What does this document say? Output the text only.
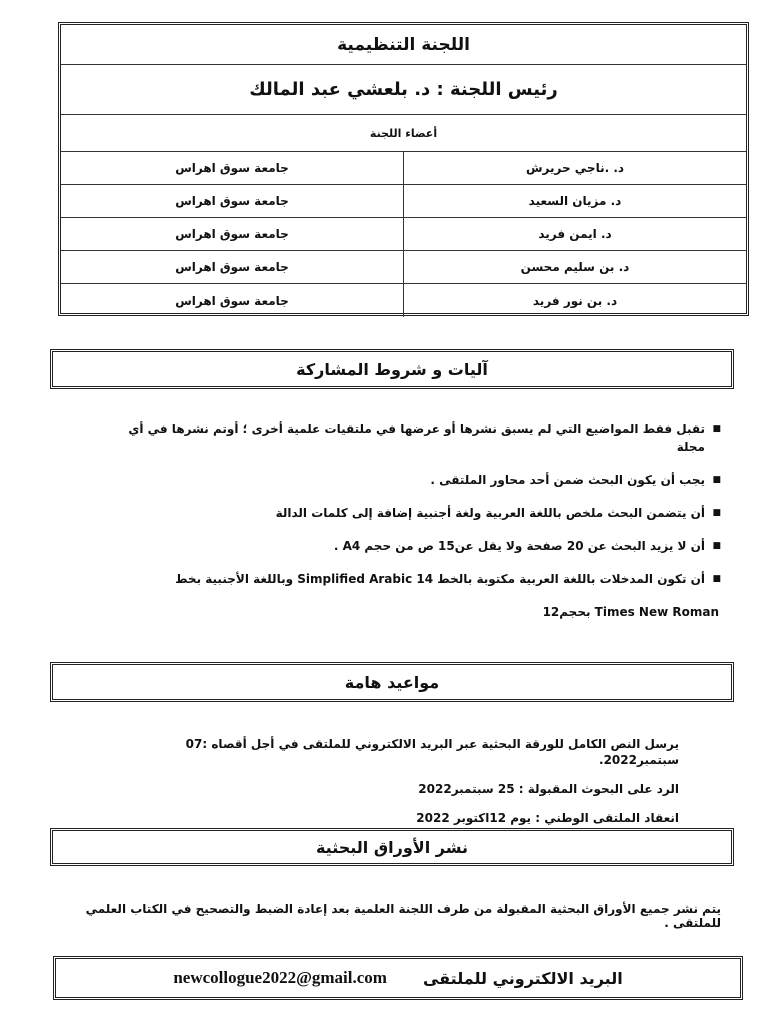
اللجنة التنظيمية
رئيس اللجنة : د. بلعشي عبد المالك
أعضاء اللجنة
د. .ناجي حريرش
جامعة سوق اهراس
د. مزيان السعيد
جامعة سوق اهراس
د. ايمن فريد
جامعة سوق اهراس
د. بن سليم محسن
جامعة سوق اهراس
د. بن نور فريد
جامعة سوق اهراس
آليات و شروط المشاركة
■ تقبل فقط المواضيع التي لم يسبق نشرها أو عرضها في ملتقيات علمية أخرى ؛ أوتم نشرها في أي مجلة
■ يجب أن يكون البحث ضمن أحد محاور الملتقى .
■ أن يتضمن البحث ملخص باللغة العربية ولغة أجنبية إضافة إلى كلمات الدالة
■ أن لا يزيد البحث عن 20 صفحة ولا يقل عن15 ص من حجم A4 .
■ أن تكون المدخلات باللغة العربية مكتوبة بالخط Simplified Arabic 14 وباللغة الأجنبية بخط
Times New Roman بحجم12
مواعيد هامة
يرسل النص الكامل للورقة البحثية عبر البريد الالكتروني للملتقى في أجل أقصاه :07 سبتمبر2022.
الرد على البحوث المقبولة : 25 سبتمبر2022
انعقاد الملتقى الوطني : يوم 12اكتوبر 2022
نشر الأوراق البحثية
يتم نشر جميع الأوراق البحثية المقبولة من طرف اللجنة العلمية بعد إعادة الضبط والتصحيح في الكتاب العلمي للملتقى .
البريد الالكتروني للملتقى
newcollogue2022@gmail.com
